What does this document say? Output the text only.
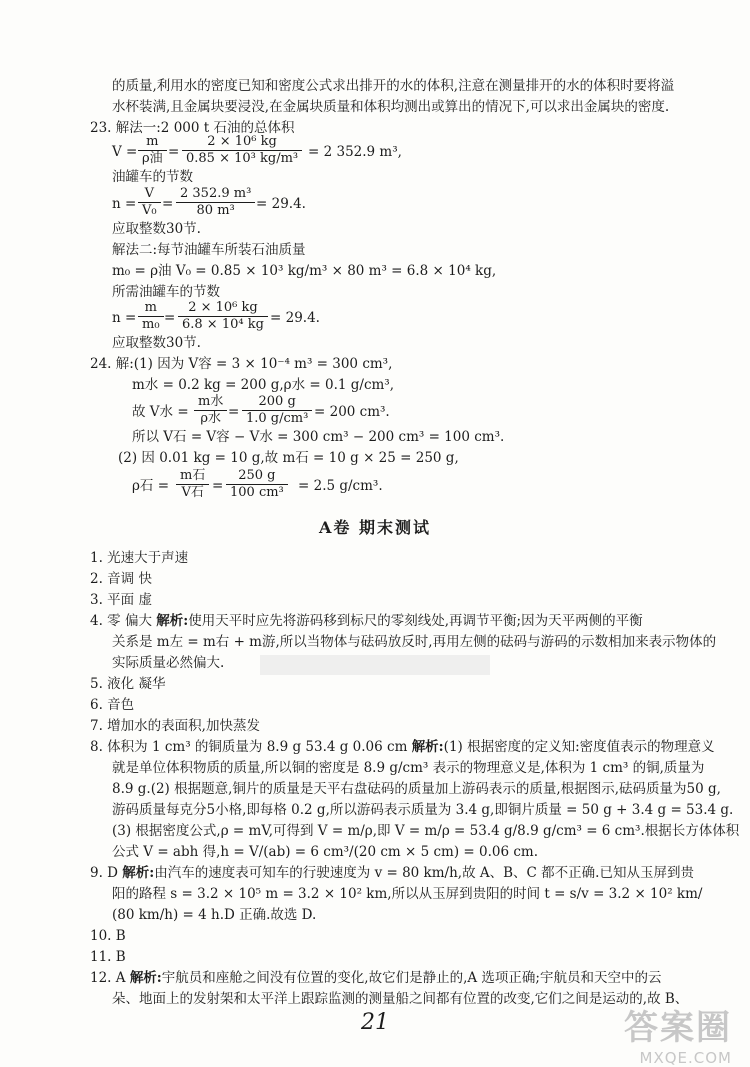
的质量,利用水的密度已知和密度公式求出排开的水的体积,注意在测量排开的水的体积时要将溢
水杯装满,且金属块要浸没,在金属块质量和体积均测出或算出的情况下,可以求出金属块的密度.
23. 解法一:2 000 t 石油的总体积
V =
m
ρ油 = $\frac{\text{2 × 10⁶ kg}}{\text{0.85 × 10³ kg/m³}} = 2$ 352.9 m³,
油罐车的节数
$n = \frac{V}{\text{V₀}} = \frac{\text{2 352.9 m³}}{\text{80 m³}} = 29.4$.
应取整数30节.
解法二:每节油罐车所装石油质量
m₀ = ρ油 V₀ = 0.85 × 10³ kg/m³ × 80 m³ = 6.8 × 10⁴ kg,
所需油罐车的节数
$n = \frac{m}{\text{m₀}} = \frac{\text{2 × 10⁶ kg}}{\text{6.8 × 10⁴ kg}} = 29.4$.
应取整数30节.
24. 解:(1) 因为 V容 = 3 × 10⁻⁴ m³ = 300 cm³,
m水 = 0.2 kg = 200 g,ρ水 = 0.1 g/cm³,
故 V水 =
m水
ρ水 = $\frac{200 g}{\text{1.0 g/cm³}} = 200$ cm³.
所以 V石 = V容 − V水 = 300 cm³ − 200 cm³ = 100 cm³.
(2) 因 0.01 kg = 10 g,故 m石 = 10 g × 25 = 250 g,
ρ石 =
m石
V石 = $\frac{250 g}{\text{100 cm³}} = 2.5$ g/cm³.
A卷 期末测试
1. 光速大于声速
2. 音调 快
3. 平面 虚
4. 零 偏大 解析:使用天平时应先将游码移到标尺的零刻线处,再调节平衡;因为天平两侧的平衡
关系是 m左 = m右 + m游,所以当物体与砝码放反时,再用左侧的砝码与游码的示数相加来表示物体的
实际质量必然偏大.
5. 液化 凝华
6. 音色
7. 增加水的表面积,加快蒸发
8. 体积为 1 cm³ 的铜质量为 8.9 g 53.4 g 0.06 cm 解析:(1) 根据密度的定义知:密度值表示的物理意义
就是单位体积物质的质量,所以铜的密度是 8.9 g/cm³ 表示的物理意义是,体积为 1 cm³ 的铜,质量为
8.9 g.(2) 根据题意,铜片的质量是天平右盘砝码的质量加上游码表示的质量,根据图示,砝码质量为50 g,
游码质量每克分5小格,即每格 0.2 g,所以游码表示质量为 3.4 g,即铜片质量 = 50 g + 3.4 g = 53.4 g.
(3) 根据密度公式,ρ = mV,可得到 V = m/ρ,即 V = m/ρ = 53.4 g/8.9 g/cm³ = 6 cm³.根据长方体体积
公式 V = abh 得,h = V/(ab) = 6 cm³/(20 cm × 5 cm) = 0.06 cm.
9. D 解析:由汽车的速度表可知车的行驶速度为 v = 80 km/h,故 A、B、C 都不正确.已知从玉屏到贵
阳的路程 s = 3.2 × 10⁵ m = 3.2 × 10² km,所以从玉屏到贵阳的时间 t = s/v = 3.2 × 10² km/
(80 km/h) = 4 h.D 正确.故选 D.
10. B
11. B
12. A 解析:宇航员和座舱之间没有位置的变化,故它们是静止的,A 选项正确;宇航员和天空中的云
朵、地面上的发射架和太平洋上跟踪监测的测量船之间都有位置的改变,它们之间是运动的,故 B、
21	答案圈
MXQE.COM
